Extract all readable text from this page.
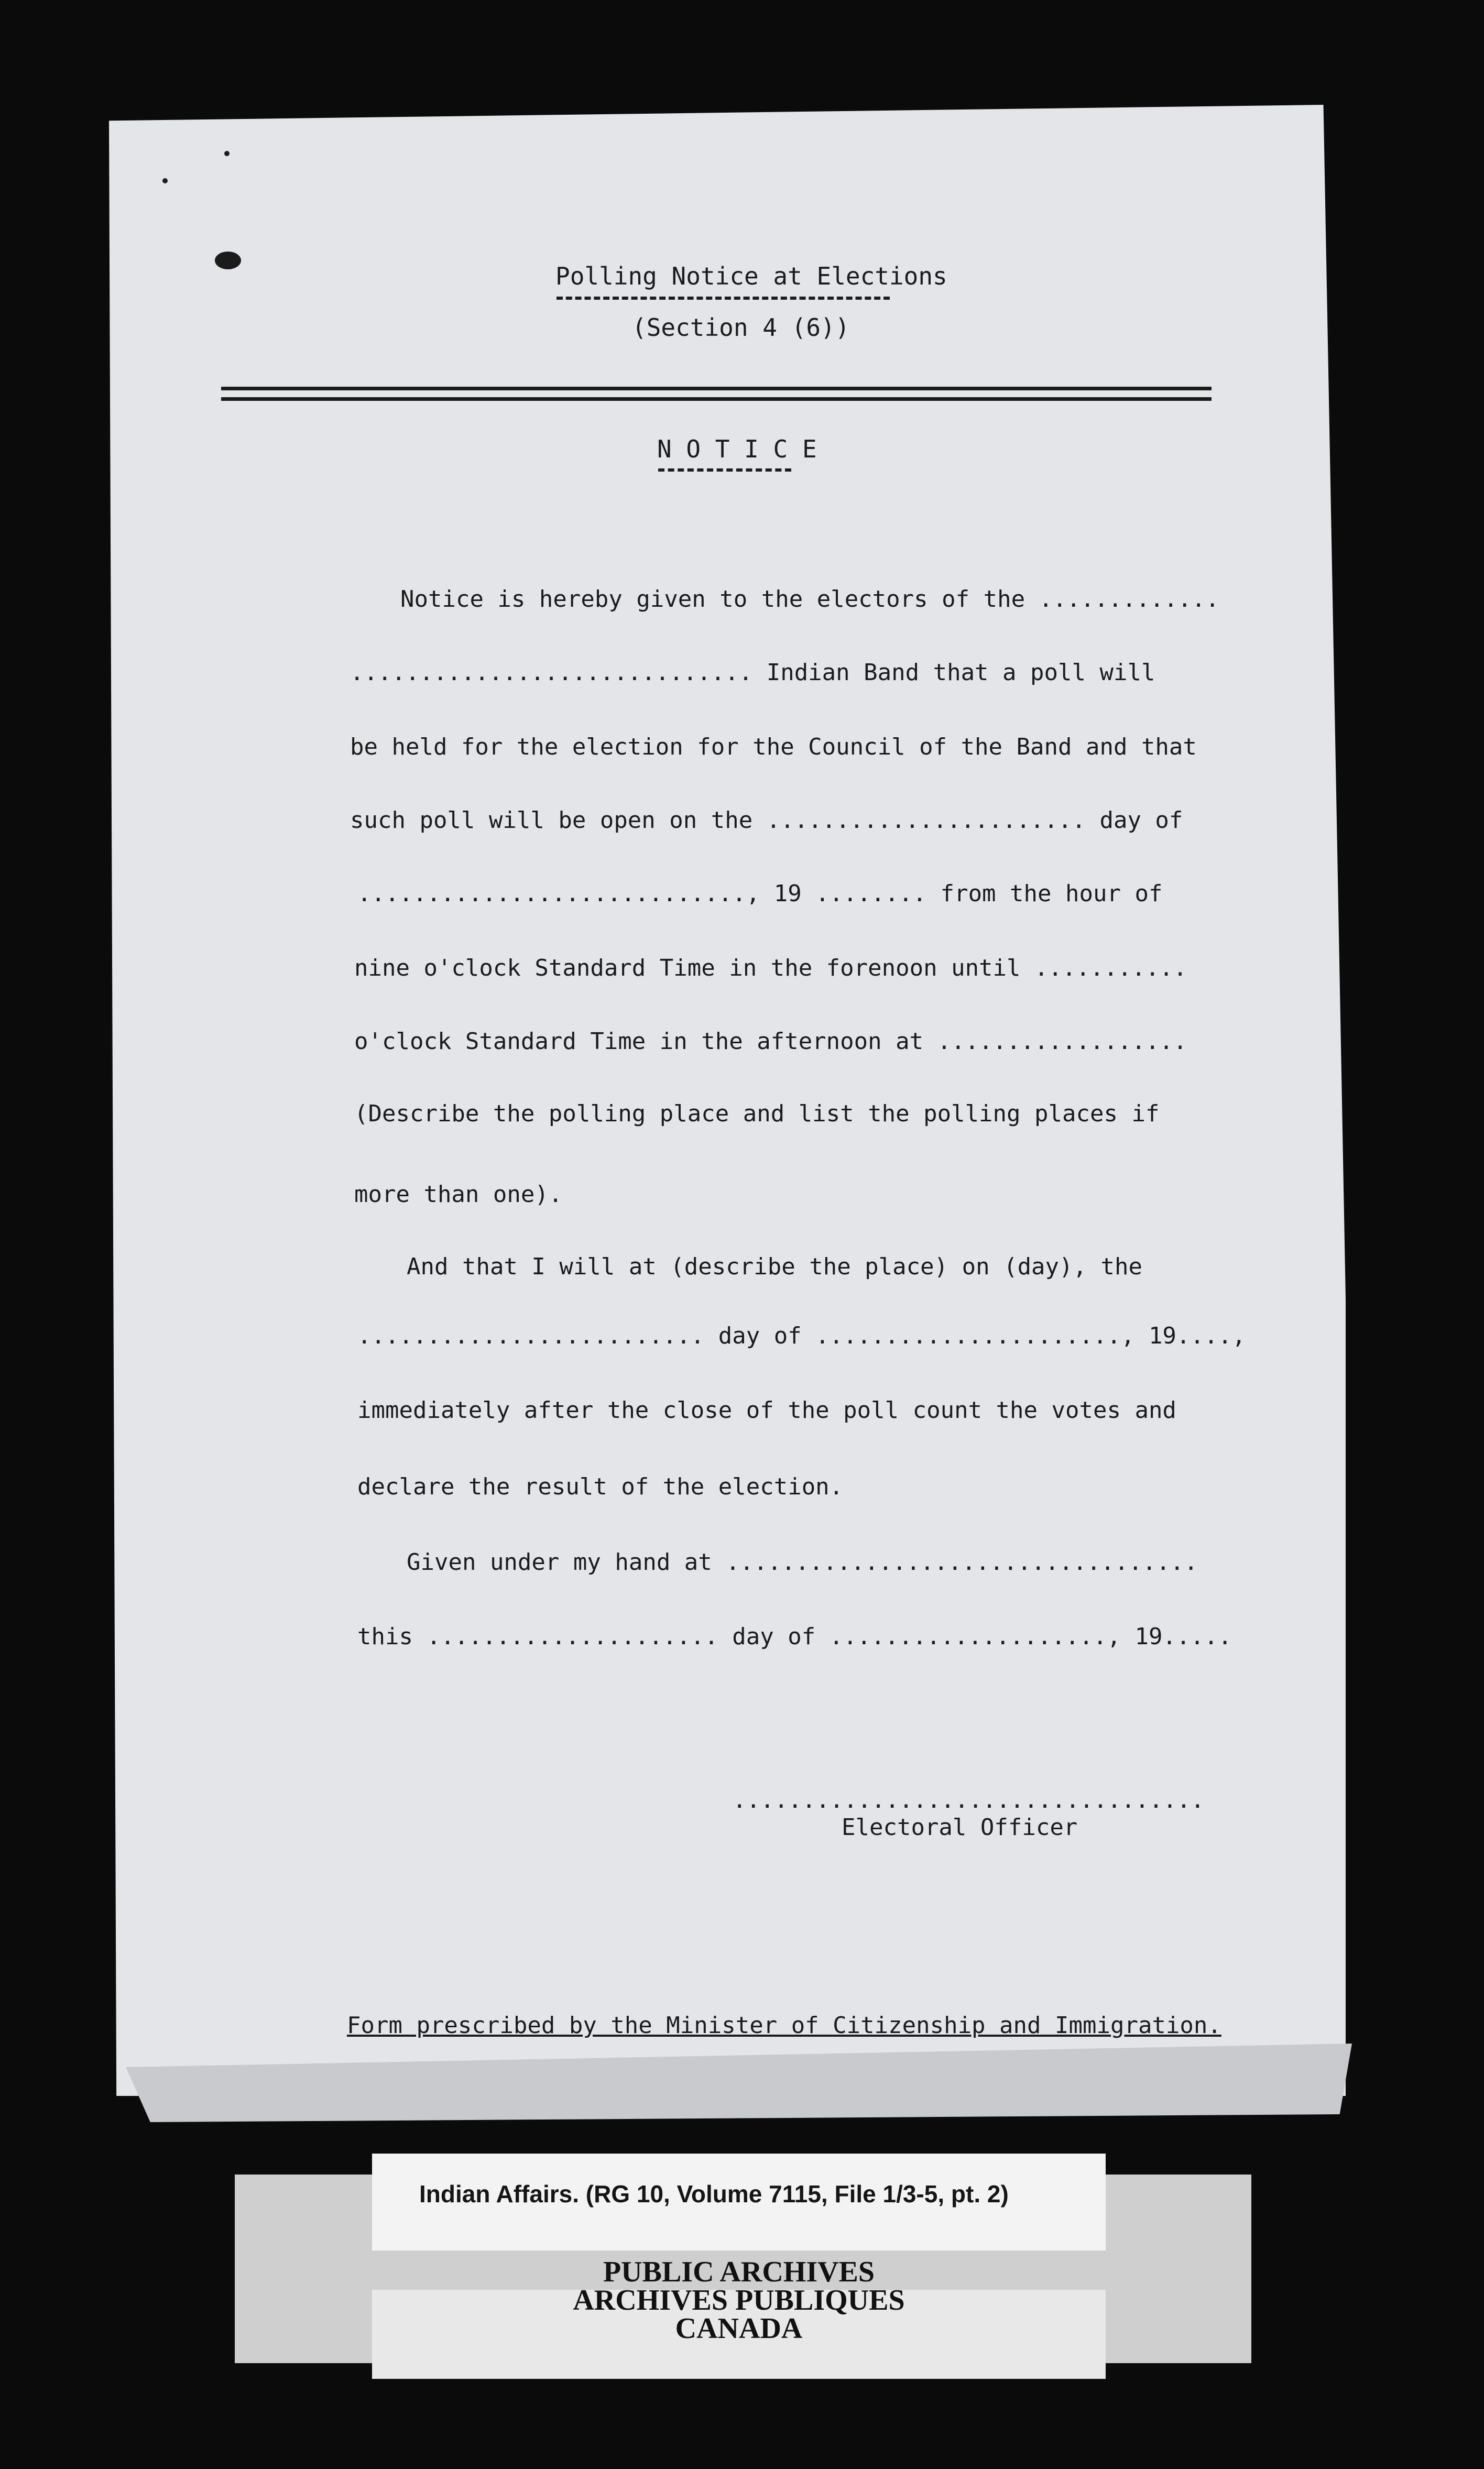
Polling Notice at Elections
(Section 4 (6))
N O T I C E
Notice is hereby given to the electors of the .............
............................. Indian Band that a poll will
be held for the election for the Council of the Band and that
such poll will be open on the ....................... day of
............................, 19 ........ from the hour of
nine o'clock Standard Time in the forenoon until ...........
o'clock Standard Time in the afternoon at ..................
(Describe the polling place and list the polling places if
more than one).
And that I will at (describe the place) on (day), the
......................... day of ......................, 19....,
immediately after the close of the poll count the votes and
declare the result of the election.
Given under my hand at ..................................
this ..................... day of ...................., 19.....
..................................
Electoral Officer
Form prescribed by the Minister of Citizenship and Immigration.
Indian Affairs. (RG 10, Volume 7115, File 1/3-5, pt. 2)
PUBLIC ARCHIVES
ARCHIVES PUBLIQUES
CANADA
